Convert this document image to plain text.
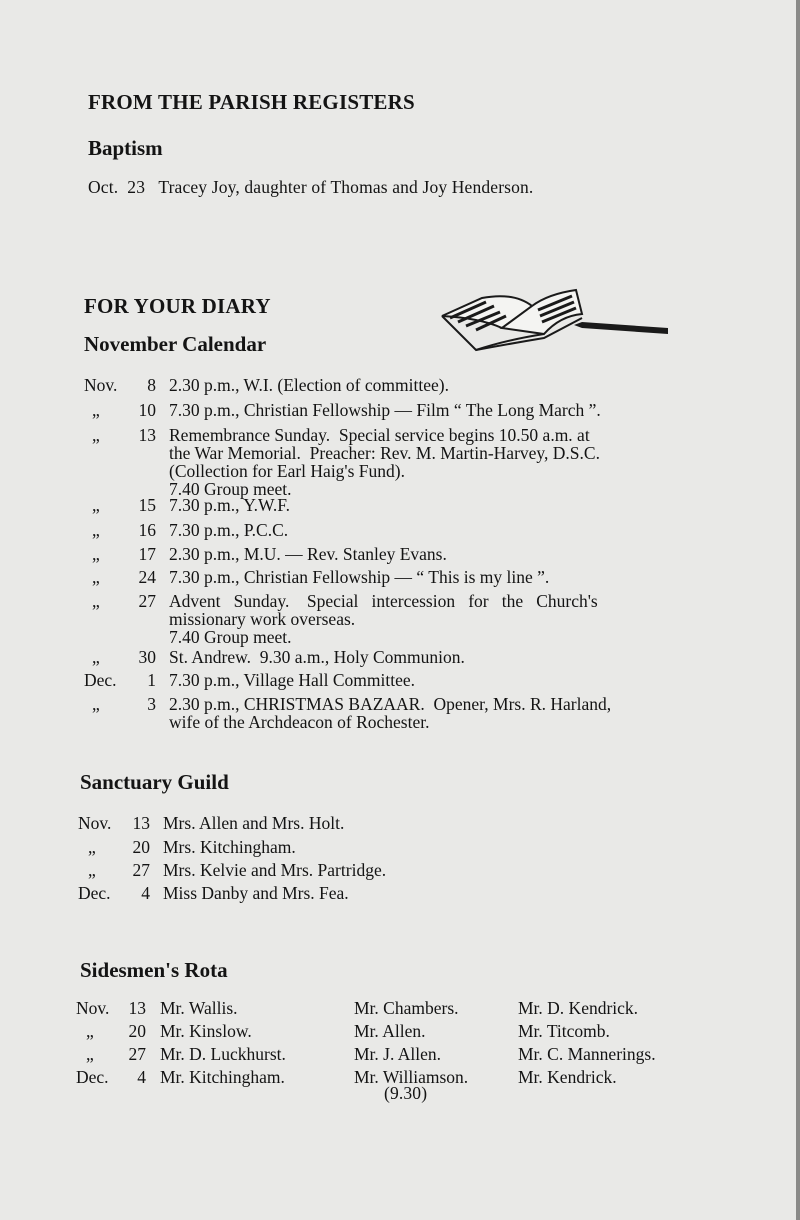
FROM THE PARISH REGISTERS
Baptism
Oct.  23   Tracey Joy, daughter of Thomas and Joy Henderson.
FOR YOUR DIARY
November Calendar
Nov.	8 2.30 p.m., W.I. (Election of committee).
„	10 7.30 p.m., Christian Fellowship — Film “ The Long March ”.
„	13 Remembrance Sunday.  Special service begins 10.50 a.m. at
the War Memorial.  Preacher: Rev. M. Martin-Harvey, D.S.C.
(Collection for Earl Haig's Fund).
7.40 Group meet.
„	15 7.30 p.m., Y.W.F.
„	16 7.30 p.m., P.C.C.
„	17 2.30 p.m., M.U. — Rev. Stanley Evans.
„	24 7.30 p.m., Christian Fellowship — “ This is my line ”.
„	27 Advent   Sunday.    Special   intercession   for   the   Church's
missionary work overseas.
7.40 Group meet.
„	30 St. Andrew.  9.30 a.m., Holy Communion.
Dec.	1 7.30 p.m., Village Hall Committee.
„	3 2.30 p.m., CHRISTMAS BAZAAR.  Opener, Mrs. R. Harland,
wife of the Archdeacon of Rochester.
Sanctuary Guild
Nov.	13 Mrs. Allen and Mrs. Holt.
„	20 Mrs. Kitchingham.
„	27 Mrs. Kelvie and Mrs. Partridge.
Dec.	4 Miss Danby and Mrs. Fea.
Sidesmen's Rota
Nov.	13 Mr. Wallis.	Mr. Chambers.	Mr. D. Kendrick.
„	20 Mr. Kinslow.	Mr. Allen.	Mr. Titcomb.
„	27 Mr. D. Luckhurst.	Mr. J. Allen.	Mr. C. Mannerings.
Dec.	4 Mr. Kitchingham.	Mr. Williamson.	Mr. Kendrick.
(9.30)
